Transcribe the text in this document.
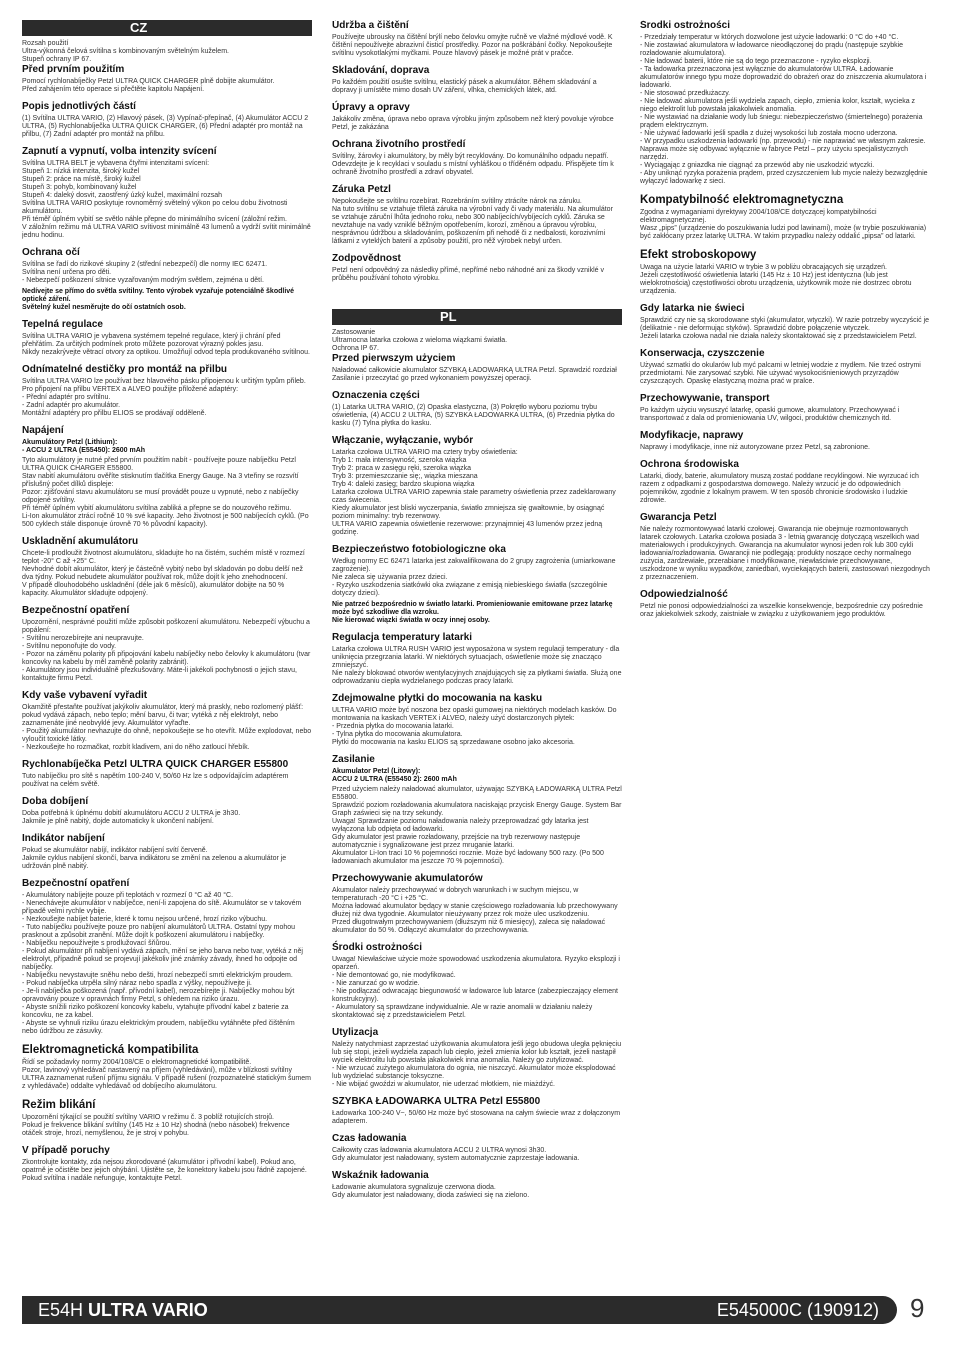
CZ

Rozsah použití
Ultra-výkonná čelová svítilna s kombinovaným světelným kuželem.
Stupeň ochrany IP 67.

Před prvním použitím

Pomocí rychlonabíječky Petzl ULTRA QUICK CHARGER plně dobijte akumulátor.
Před zahájením této operace si přečtěte kapitolu Napájení.

Popis jednotlivých částí

(1) Svítilna ULTRA VARIO, (2) Hlavový pásek, (3) Vypínač-přepínač, (4) Akumulátor ACCU 2 ULTRA, (5) Rychlonabíječka ULTRA QUICK CHARGER, (6) Přední adaptér pro montáž na přilbu, (7) Zadní adaptér pro montáž na přilbu.

Zapnutí a vypnutí, volba intenzity svícení

Svítilna ULTRA BELT je vybavena čtyřmi intenzitami svícení:
Stupeň 1: nízká intenzita, široký kužel
Stupeň 2: práce na místě, široký kužel
Stupeň 3: pohyb, kombinovaný kužel
Stupeň 4: daleký dosvit, zaostřený úzký kužel, maximální rozsah
Svítilna ULTRA VARIO poskytuje rovnoměrný světelný výkon po celou dobu životnosti akumulátoru.
Při téměř úplném vybití se světlo náhle přepne do minimálního svícení (záložní režim.
V záložním režimu má ULTRA VARIO svítivost minimálně 43 lumenů a vydrží svítit minimálně jednu hodinu.

Ochrana očí

Svítilna se řadí do rizikové skupiny 2 (střední nebezpečí) dle normy IEC 62471.
Svítilna není určena pro děti.
- Nebezpečí poškození sítnice vyzařovaným modrým světlem, zejména u dětí.

Nedívejte se přímo do světla svítilny. Tento výrobek vyzařuje potenciálně škodlivé optické záření.
Světelný kužel nesměrujte do očí ostatních osob.

Tepelná regulace

Svítilna ULTRA VARIO je vybavena systémem tepelné regulace, který ji chrání před přehřátím. Za určitých podmínek proto můžete pozorovat výrazný pokles jasu.
Nikdy nezakrývejte větrací otvory za optikou. Umožňují odvod tepla produkovaného svítilnou.

Odnímatelné destičky pro montáž na přilbu

Svítilna ULTRA VARIO lze používat bez hlavového pásku připojenou k určitým typům přileb. Pro připojení na přilbu VERTEX a ALVEO použijte přiložené adaptéry:
- Přední adaptér pro svítilnu.
- Zadní adaptér pro akumulátor.
Montážní adaptéry pro přilbu ELIOS se prodávají odděleně.

Napájení

Akumulátory Petzl (Lithium):
- ACCU 2 ULTRA (E55450): 2600 mAh

Tyto akumulátory je nutné před prvním použitím nabít - používejte pouze nabíječku Petzl ULTRA QUICK CHARGER E55800.
Stav nabití akumulátoru ověříte stisknutím tlačítka Energy Gauge. Na 3 vteřiny se rozsvítí příslušný počet dílků displeje:
Pozor: zjišťování stavu akumulátoru se musí provádět pouze u vypnuté, nebo z nabíječky odpojené svítilny.
Při téměř úplném vybití akumulátoru svítilna zabliká a přepne se do nouzového režimu.
Li-Ion akumulátor ztrácí ročně 10 % své kapacity. Jeho životnost je 500 nabíjecích cyklů. (Po 500 cyklech stále disponuje úrovně 70 % původní kapacity).

Uskladnění akumulátoru

Chcete-li prodloužit životnost akumulátoru, skladujte ho na čistém, suchém místě v rozmezí teplot -20° C až +25° C.
Nevhodné dobít akumulátor, který je částečně vybitý nebo byl skladován po dobu delší než dva týdny. Pokud nebudete akumulátor používat rok, může dojít k jeho znehodnocení.
V případě dlouhodobého uskladnění (déle jak 6 měsíců), akumulátor dobijte na 50 % kapacity. Akumulátor skladujte odpojený.

Bezpečnostní opatření

Upozornění, nesprávné použití může způsobit poškození akumulátoru. Nebezpečí výbuchu a popálení:
- Svítilnu nerozebírejte ani neupravujte.
- Svítilnu neponořujte do vody.
- Pozor na záměnu polarity při připojování kabelu nabíječky nebo čelovky k akumulátoru (tvar koncovky na kabelu by měl zaměně polarity zabránit).
- Akumulátory jsou individuálně přezkušovány. Máte-li jakékoli pochybnosti o jejich stavu, kontaktujte firmu Petzl.

Kdy vaše vybavení vyřadit

Okamžitě přestaňte používat jakýkoliv akumulátor, který má praskly, nebo rozlomený plášť: pokud vydává zápach, nebo teplo; mění barvu, či tvar; vytéká z něj elektrolyt, nebo zaznamenáte jiné neobvyklé jevy. Akumulátor vyřaďte.
- Použitý akumulátor nevhazujte do ohně, nepokoušejte se ho otevřít. Může explodovat, nebo vyloučit toxické látky.
- Nezkoušejte ho rozmačkat, rozbít kladivem, ani do něho zatloucí hřebík.

Rychlonabíječka Petzl ULTRA QUICK CHARGER E55800

Tuto nabíječku pro sítě s napětím 100-240 V, 50/60 Hz lze s odpovídajícím adaptérem používat na celém světě.

Doba dobíjení

Doba potřebná k úplnému dobití akumulátoru ACCU 2 ULTRA je 3h30.
Jakmile je plně nabitý, dojde automaticky k ukončení nabíjení.

Indikátor nabíjení

Pokud se akumulátor nabíjí, indikátor nabíjení svítí červeně.
Jakmile cyklus nabíjení skončí, barva indikátoru se změní na zelenou a akumulátor je udržován plně nabitý.

Bezpečnostní opatření

- Akumulátory nabíjejte pouze při teplotách v rozmezí 0 °C až 40 °C.
- Nenechávejte akumulátor v nabíječce, není-li zapojena do sítě. Akumulátor se v takovém případě velmi rychle vybije.
- Nezkoušejte nabíjet baterie, které k tomu nejsou určené, hrozí riziko výbuchu.
- Tuto nabíječku používejte pouze pro nabíjení akumulátorů ULTRA. Ostatní typy mohou prasknout a způsobit zranění. Může dojít k poškození akumulátoru i nabíječky.
- Nabíječku nepoužívejte s prodlužovací šňůrou.
- Pokud akumulátor při nabíjení vydává zápach, mění se jeho barva nebo tvar, vytéká z něj elektrolyt, případně pokud se projevují jakékoliv jiné známky závady, ihned ho odpojte od nabíječky.
- Nabíječku nevystavujte sněhu nebo dešti, hrozí nebezpečí smrti elektrickým proudem.
- Pokud nabíječka utrpěla silný náraz nebo spadla z výšky, nepoužívejte ji.
- Je-li nabíječka poškozená (např. přívodní kabel), nerozebírejte ji. Nabíječky mohou být opravovány pouze v opravnách firmy Petzl, s ohledem na riziko úrazu.
- Abyste snížili riziko poškození koncovky kabelu, vytahujte přívodní kabel z baterie za koncovku, ne za kabel.
- Abyste se vyhnuli riziku úrazu elektrickým proudem, nabíječku vytáhněte před čištěním nebo údržbou ze zásuvky.

Elektromagnetická kompatibilita

Řídí se požadavky normy 2004/108/CE o elektromagnetické kompatibilitě.
Pozor, lavinový vyhledávač nastavený na příjem (vyhledávání), může v blízkosti svítilny ULTRA zaznamenat rušení příjmu signálu. V případě rušení (rozpoznatelné statickým šumem z vyhledávače) oddalte vyhledávač od dobíjecího akumulátoru.

Režim blikání

Upozornění týkající se použití svítilny VARIO v režimu č. 3 poblíž rotujících strojů.
Pokud je frekvence blikání svítilny (145 Hz ± 10 Hz) shodná (nebo násobek) frekvence otáček stroje, hrozí, nemyšlenou, že je stroj v pohybu.

V případě poruchy

Zkontrolujte kontakty, zda nejsou zkorodované (akumulátor i přívodní kabel). Pokud ano, opatrně je očistěte bez jejich ohýbání. Ujistěte se, že konektory kabelu jsou řádně zapojené.
Pokud svítilna i nadále nefunguje, kontaktujte Petzl.

Údržba a čištění

Používejte ubrousky na čištění brýlí nebo čelovku omyjte ručně ve vlažné mýdlové vodě. K čištění nepoužívejte abrazivní čisticí prostředky. Pozor na poškrábání čočky. Nepokoušejte svítilnu vysokotlakými myčkami. Pouze hlavový pásek je možné prát v pračce.

Skladování, doprava

Po každém použití osušte svítilnu, elastický pásek a akumulátor. Během skladování a dopravy ji umístěte mimo dosah UV záření, vlhka, chemických látek, atd.

Úpravy a opravy

Jakákoliv změna, úprava nebo oprava výrobku jiným způsobem než který povoluje výrobce Petzl, je zakázána

Ochrana životního prostředí

Svítilny, žárovky i akumulátory, by měly být recyklovány. Do komunálního odpadu nepatří. Odevzdejte je k recyklaci v souladu s místní vyhláškou o tříděném odpadu. Přispějete tím k ochraně životního prostředí a zdraví obyvatel.

Záruka Petzl

Nepokoušejte se svítilnu rozebírat. Rozebráním svítilny ztrácíte nárok na záruku.
Na tuto svítilnu se vztahuje třiletá záruka na výrobní vady či vady materiálu. Na akumulátor se vztahuje záruční lhůta jednoho roku, nebo 300 nabíjecích/vybíjecích cyklů. Záruka se nevztahuje na vady vzniklé běžným opotřebením, korozí, změnou a úpravou výrobku, nesprávnou údržbou a skladováním, poškozením při nehodě či z nedbalosti, korozivními látkami z vyteklých baterií a způsoby použití, pro něž výrobek nebyl určen.

Zodpovědnost

Petzl není odpovědný za následky přímé, nepřímé nebo náhodné ani za škody vzniklé v průběhu používání tohoto výrobku.

PL

Zastosowanie
Ultramocna latarka czołowa z wieloma wiązkami światła.
Ochrona IP 67.

Przed pierwszym użyciem

Naładować całkowicie akumulator SZYBKĄ ŁADOWARKĄ ULTRA Petzl. Sprawdzić rozdział Zasilanie i przeczytać go przed wykonaniem powyższej operacji.

Oznaczenia części

(1) Latarka ULTRA VARIO, (2) Opaska elastyczna, (3) Pokrętło wyboru poziomu trybu oświetlenia, (4) ACCU 2 ULTRA, (5) SZYBKA ŁADOWARKA ULTRA, (6) Przednia płytka do kasku (7) Tylna płytka do kasku.

Włączanie, wyłączanie, wybór

Latarka czołowa ULTRA VARIO ma cztery tryby oświetlenia:
Tryb 1: mała intensywność, szeroka wiązka
Tryb 2: praca w zasięgu ręki, szeroka wiązka
Tryb 3: przemieszczanie się;, wiązka mieszana
Tryb 4: daleki zasięg; bardzo skupiona wiązka
Latarka czołowa ULTRA VARIO zapewnia stałe parametry oświetlenia przez zadeklarowany czas świecenia.
Kiedy akumulator jest bliski wyczerpania, światło zmniejsza się gwałtownie, by osiągnąć poziom minimalny: tryb rezerwowy.
ULTRA VARIO zapewnia oświetlenie rezerwowe: przynajmniej 43 lumenów przez jedną godzinę.

Bezpieczeństwo fotobiologiczne oka

Według normy EC 62471 latarka jest zakwalifikowana do 2 grupy zagrożenia (umiarkowane zagrożenie).
Nie zaleca się używania przez dzieci.
- Ryzyko uszkodzenia siatkówki oka związane z emisją niebieskiego światła (szczególnie dotyczy dzieci).

Nie patrzeć bezpośrednio w światło latarki. Promieniowanie emitowane przez latarkę może być szkodliwe dla wzroku.
Nie kierować wiązki światła w oczy innej osoby.

Regulacja temperatury latarki

Latarka czołowa ULTRA RUSH VARIO jest wyposażona w system regulacji temperatury - dla uniknięcia przegrzania latarki. W niektórych sytuacjach, oświetlenie może się znacząco zmniejszyć.
Nie należy blokować otworów wentylacyjnych znajdujących się za płytkami światła. Służą one odprowadzaniu ciepła wydzielanego podczas pracy latarki.

Zdejmowalne płytki do mocowania na kasku

ULTRA VARIO może być noszona bez opaski gumowej na niektórych modelach kasków. Do montowania na kaskach VERTEX i ALVEO, należy użyć dostarczonych płytek:
- Przednia płytka do mocowania latarki.
- Tylna płytka do mocowania akumulatora.
Płytki do mocowania na kasku ELIOS są sprzedawane osobno jako akcesoria.

Zasilanie

Akumulator Petzl (Litowy):
ACCU 2 ULTRA (E55450 2): 2600 mAh

Przed użyciem należy naładować akumulator, używając SZYBKĄ ŁADOWARKĄ ULTRA Petzl E55800.
Sprawdzić poziom rozładowania akumulatora naciskając przycisk Energy Gauge. System Bar Graph zaświeci się na trzy sekundy.
Uwaga! Sprawdzanie poziomu naładowania należy przeprowadzać gdy latarka jest wyłączona lub odpięta od ładowarki.
Gdy akumulator jest prawie rozładowany, przejście na tryb rezerwowy następuje automatycznie i sygnalizowane jest przez mruganie latarki.
Akumulator Li-Ion traci 10 % pojemności rocznie. Może być ładowany 500 razy. (Po 500 ładowaniach akumulator ma jeszcze 70 % pojemności).

Przechowywanie akumulatorów

Akumulator należy przechowywać w dobrych warunkach i w suchym miejscu, w temperaturach -20 °C i +25 °C.
Można ładować akumulator będący w stanie częściowego rozładowania lub przechowywany dłużej niż dwa tygodnie. Akumulator nieużywany przez rok może ulec uszkodzeniu.
Przed długotrwałym przechowywaniem (dłuższym niż 6 miesięcy), zaleca się naładować akumulator do 50 %. Odłączyć akumulator do przechowywania.

Środki ostrożności

Uwaga! Niewłaściwe użycie może spowodować uszkodzenia akumulatora. Ryzyko eksplozji i oparzeń.
- Nie demontować go, nie modyfikować.
- Nie zanurzać go w wodzie.
- Nie podłączać odwracając biegunowość w ładowarce lub latarce (zabezpieczający element konstrukcyjny).
- Akumulatory są sprawdzane indywidualnie. Ale w razie anomalii w działaniu należy skontaktować się z przedstawicielem Petzl.

Utylizacja

Należy natychmiast zaprzestać użytkowania akumulatora jeśli jego obudowa uległa pęknięciu lub się stopi, jeżeli wydziela zapach lub ciepło, jeżeli zmienia kolor lub kształt, jeżeli nastąpił wyciek elektrolitu lub powstała jakakolwiek inna anomalia. Należy go zutylizować.
- Nie wrzucać zużytego akumulatora do ognia, nie niszczyć. Akumulator może eksplodować lub wydzielać substancje toksyczne.
- Nie wbijać gwoździ w akumulator, nie uderzać młotkiem, nie miażdżyć.

SZYBKA ŁADOWARKA ULTRA Petzl E55800

Ładowarka 100-240 V~, 50/60 Hz może być stosowana na całym świecie wraz z dołączonym adapterem.

Czas ładowania

Całkowity czas ładowania akumulatora ACCU 2 ULTRA wynosi 3h30.
Gdy akumulator jest naładowany, system automatycznie zaprzestaje ładowania.

Wskaźnik ładowania

Ładowanie akumulatora sygnalizuje czerwona dioda.
Gdy akumulator jest naładowany, dioda zaświeci się na zielono.

Środki ostrożności

- Przedziały temperatur w których dozwolone jest użycie ładowarki: 0 °C do +40 °C.
- Nie zostawiać akumulatora w ładowarce nieodłączonej do prądu (następuje szybkie rozładowanie akumulatora).
- Nie ładować baterii, które nie są do tego przeznaczone - ryzyko eksplozji.
- Ta ładowarka przeznaczona jest wyłącznie do akumulatorów ULTRA. Ładowanie akumulatorów innego typu może doprowadzić do obrażeń oraz do zniszczenia akumulatora i ładowarki.
- Nie stosować przedłużaczy.
- Nie ładować akumulatora jeśli wydziela zapach, ciepło, zmienia kolor, kształt, wycieka z niego elektrolit lub powstała jakakolwiek anomalia.
- Nie wystawiać na działanie wody lub śniegu: niebezpieczeństwo (śmiertelnego) porażenia prądem elektrycznym.
- Nie używać ładowarki jeśli spadła z dużej wysokości lub została mocno uderzona.
- W przypadku uszkodzenia ładowarki (np. przewodu) - nie naprawiać we własnym zakresie. Naprawa może się odbywać wyłącznie w fabryce Petzl – przy użyciu specjalistycznych narzędzi.
- Wyciągając z gniazdka nie ciągnąć za przewód aby nie uszkodzić wtyczki.
- Aby uniknąć ryzyka porażenia prądem, przed czyszczeniem lub mycie należy bezwzględnie wyłączyć ładowarkę z sieci.

Kompatybilność elektromagnetyczna

Zgodna z wymaganiami dyrektywy 2004/108/CE dotyczącej kompatybilności elektromagnetycznej.
Wasz „pips” (urządzenie do poszukiwania ludzi pod lawinami), może (w trybie poszukiwania) być zakłócany przez latarkę ULTRA. W takim przypadku należy oddalić „pipsa” od latarki.

Efekt stroboskopowy

Uwaga na użycie latarki VARIO w trybie 3 w pobliżu obracających się urządzeń.
Jeżeli częstotliwość oświetlenia latarki (145 Hz ± 10 Hz) jest identyczna (lub jest wielokrotnością) częstotliwości obrotu urządzenia, użytkownik może nie dostrzec obrotu urządzenia.

Gdy latarka nie świeci

Sprawdzić czy nie są skorodowane styki (akumulator, wtyczki). W razie potrzeby wyczyścić je (delikatnie - nie deformując styków). Sprawdzić dobre połączenie wtyczek.
Jeżeli latarka czołowa nadal nie działa należy skontaktować się z przedstawicielem Petzl.

Konserwacja, czyszczenie

Używać szmatki do okularów lub myć palcami w letniej wodzie z mydłem. Nie trzeć ostrymi przedmiotami. Nie zarysować szybki. Nie używać wysokociśnieniowych przyrządów czyszczących. Opaskę elastyczną można prać w pralce.

Przechowywanie, transport

Po każdym użyciu wysuszyć latarkę, opaski gumowe, akumulatory. Przechowywać i transportować z dala od promieniowania UV, wilgoci, produktów chemicznych itd.

Modyfikacje, naprawy

Naprawy i modyfikacje, inne niż autoryzowane przez Petzl, są zabronione.

Ochrona środowiska

Latarki, diody, baterie, akumulatory muszą zostać poddane recyklingowi. Nie wyrzucać ich razem z odpadkami z gospodarstwa domowego. Należy wrzucić je do odpowiednich pojemników, zgodnie z lokalnym prawem. W ten sposób chronicie środowisko i ludzkie zdrowie.

Gwarancja Petzl

Nie należy rozmontowywać latarki czołowej. Gwarancja nie obejmuje rozmontowanych latarek czołowych. Latarka czołowa posiada 3 - letnią gwarancję dotyczącą wszelkich wad materiałowych i produkcyjnych. Gwarancja na akumulator wynosi jeden rok lub 300 cykli ładowania/rozładowania. Gwarancji nie podlegają: produkty noszące cechy normalnego zużycia, zardzewiałe, przerabiane i modyfikowane, niewłaściwie przechowywane, uszkodzone w wyniku wypadków, zaniedbań, wyciekających baterii, zastosowań niezgodnych z przeznaczeniem.

Odpowiedzialność

Petzl nie ponosi odpowiedzialności za wszelkie konsekwencje, bezpośrednie czy pośrednie oraz jakiekolwiek szkody, zaistniałe w związku z użytkowaniem jego produktów.

E54H ULTRA VARIO	E545000C (190912) 9
